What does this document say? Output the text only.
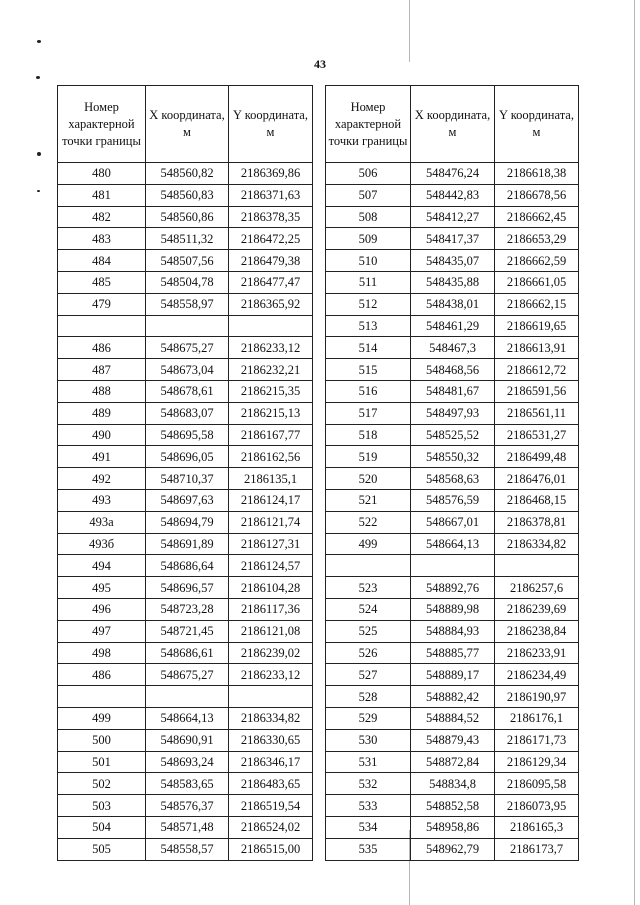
43
Номер характерной точки границы	X координата, м	Y координата, м
480	548560,82	2186369,86
481	548560,83	2186371,63
482	548560,86	2186378,35
483	548511,32	2186472,25
484	548507,56	2186479,38
485	548504,78	2186477,47
479	548558,97	2186365,92

486	548675,27	2186233,12
487	548673,04	2186232,21
488	548678,61	2186215,35
489	548683,07	2186215,13
490	548695,58	2186167,77
491	548696,05	2186162,56
492	548710,37	2186135,1
493	548697,63	2186124,17
493а	548694,79	2186121,74
493б	548691,89	2186127,31
494	548686,64	2186124,57
495	548696,57	2186104,28
496	548723,28	2186117,36
497	548721,45	2186121,08
498	548686,61	2186239,02
486	548675,27	2186233,12

499	548664,13	2186334,82
500	548690,91	2186330,65
501	548693,24	2186346,17
502	548583,65	2186483,65
503	548576,37	2186519,54
504	548571,48	2186524,02
505	548558,57	2186515,00
Номер характерной точки границы	X координата, м	Y координата, м
506	548476,24	2186618,38
507	548442,83	2186678,56
508	548412,27	2186662,45
509	548417,37	2186653,29
510	548435,07	2186662,59
511	548435,88	2186661,05
512	548438,01	2186662,15
513	548461,29	2186619,65
514	548467,3	2186613,91
515	548468,56	2186612,72
516	548481,67	2186591,56
517	548497,93	2186561,11
518	548525,52	2186531,27
519	548550,32	2186499,48
520	548568,63	2186476,01
521	548576,59	2186468,15
522	548667,01	2186378,81
499	548664,13	2186334,82

523	548892,76	2186257,6
524	548889,98	2186239,69
525	548884,93	2186238,84
526	548885,77	2186233,91
527	548889,17	2186234,49
528	548882,42	2186190,97
529	548884,52	2186176,1
530	548879,43	2186171,73
531	548872,84	2186129,34
532	548834,8	2186095,58
533	548852,58	2186073,95
534	548958,86	2186165,3
535	548962,79	2186173,7
